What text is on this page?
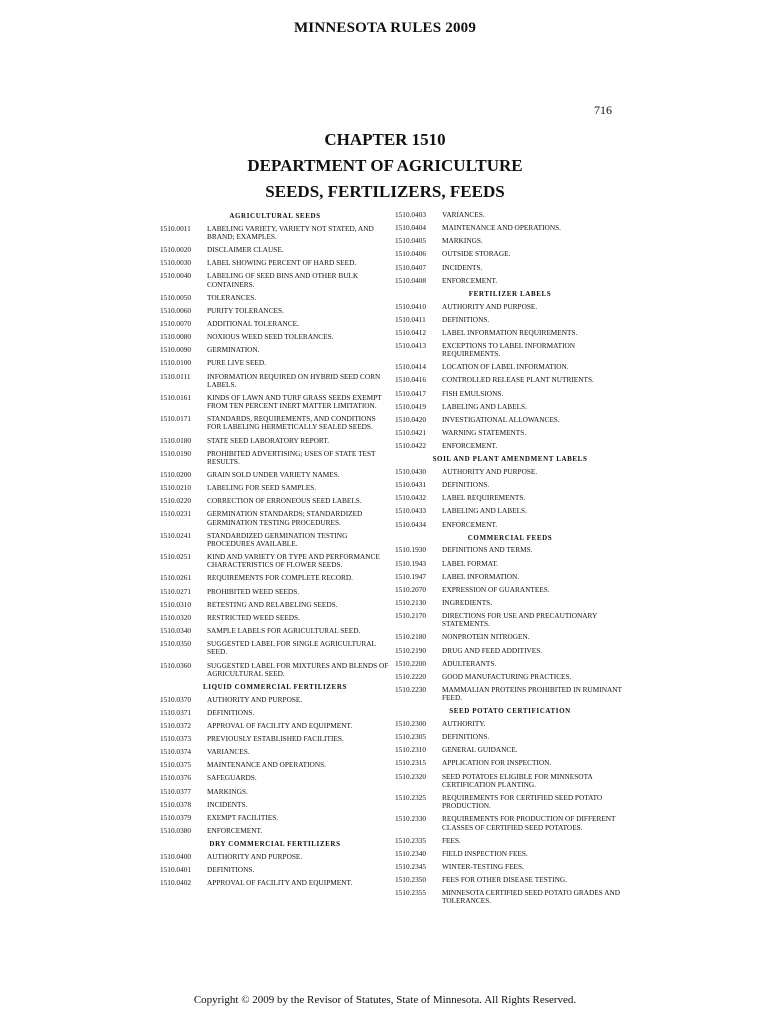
MINNESOTA RULES 2009
716
CHAPTER 1510
DEPARTMENT OF AGRICULTURE
SEEDS, FERTILIZERS, FEEDS
AGRICULTURAL SEEDS
1510.0011	LABELING VARIETY, VARIETY NOT STATED, AND BRAND; EXAMPLES.
1510.0020	DISCLAIMER CLAUSE.
1510.0030	LABEL SHOWING PERCENT OF HARD SEED.
1510.0040	LABELING OF SEED BINS AND OTHER BULK CONTAINERS.
1510.0050	TOLERANCES.
1510.0060	PURITY TOLERANCES.
1510.0070	ADDITIONAL TOLERANCE.
1510.0080	NOXIOUS WEED SEED TOLERANCES.
1510.0090	GERMINATION.
1510.0100	PURE LIVE SEED.
1510.0111	INFORMATION REQUIRED ON HYBRID SEED CORN LABELS.
1510.0161	KINDS OF LAWN AND TURF GRASS SEEDS EXEMPT FROM TEN PERCENT INERT MATTER LIMITATION.
1510.0171	STANDARDS, REQUIREMENTS, AND CONDITIONS FOR LABELING HERMETICALLY SEALED SEEDS.
1510.0180	STATE SEED LABORATORY REPORT.
1510.0190	PROHIBITED ADVERTISING; USES OF STATE TEST RESULTS.
1510.0200	GRAIN SOLD UNDER VARIETY NAMES.
1510.0210	LABELING FOR SEED SAMPLES.
1510.0220	CORRECTION OF ERRONEOUS SEED LABELS.
1510.0231	GERMINATION STANDARDS; STANDARDIZED GERMINATION TESTING PROCEDURES.
1510.0241	STANDARDIZED GERMINATION TESTING PROCEDURES AVAILABLE.
1510.0251	KIND AND VARIETY OR TYPE AND PERFORMANCE CHARACTERISTICS OF FLOWER SEEDS.
1510.0261	REQUIREMENTS FOR COMPLETE RECORD.
1510.0271	PROHIBITED WEED SEEDS.
1510.0310	RETESTING AND RELABELING SEEDS.
1510.0320	RESTRICTED WEED SEEDS.
1510.0340	SAMPLE LABELS FOR AGRICULTURAL SEED.
1510.0350	SUGGESTED LABEL FOR SINGLE AGRICULTURAL SEED.
1510.0360	SUGGESTED LABEL FOR MIXTURES AND BLENDS OF AGRICULTURAL SEED.
LIQUID COMMERCIAL FERTILIZERS
1510.0370	AUTHORITY AND PURPOSE.
1510.0371	DEFINITIONS.
1510.0372	APPROVAL OF FACILITY AND EQUIPMENT.
1510.0373	PREVIOUSLY ESTABLISHED FACILITIES.
1510.0374	VARIANCES.
1510.0375	MAINTENANCE AND OPERATIONS.
1510.0376	SAFEGUARDS.
1510.0377	MARKINGS.
1510.0378	INCIDENTS.
1510.0379	EXEMPT FACILITIES.
1510.0380	ENFORCEMENT.
DRY COMMERCIAL FERTILIZERS
1510.0400	AUTHORITY AND PURPOSE.
1510.0401	DEFINITIONS.
1510.0402	APPROVAL OF FACILITY AND EQUIPMENT.
1510.0403	VARIANCES.
1510.0404	MAINTENANCE AND OPERATIONS.
1510.0405	MARKINGS.
1510.0406	OUTSIDE STORAGE.
1510.0407	INCIDENTS.
1510.0408	ENFORCEMENT.
FERTILIZER LABELS
1510.0410	AUTHORITY AND PURPOSE.
1510.0411	DEFINITIONS.
1510.0412	LABEL INFORMATION REQUIREMENTS.
1510.0413	EXCEPTIONS TO LABEL INFORMATION REQUIREMENTS.
1510.0414	LOCATION OF LABEL INFORMATION.
1510.0416	CONTROLLED RELEASE PLANT NUTRIENTS.
1510.0417	FISH EMULSIONS.
1510.0419	LABELING AND LABELS.
1510.0420	INVESTIGATIONAL ALLOWANCES.
1510.0421	WARNING STATEMENTS.
1510.0422	ENFORCEMENT.
SOIL AND PLANT AMENDMENT LABELS
1510.0430	AUTHORITY AND PURPOSE.
1510.0431	DEFINITIONS.
1510.0432	LABEL REQUIREMENTS.
1510.0433	LABELING AND LABELS.
1510.0434	ENFORCEMENT.
COMMERCIAL FEEDS
1510.1930	DEFINITIONS AND TERMS.
1510.1943	LABEL FORMAT.
1510.1947	LABEL INFORMATION.
1510.2070	EXPRESSION OF GUARANTEES.
1510.2130	INGREDIENTS.
1510.2170	DIRECTIONS FOR USE AND PRECAUTIONARY STATEMENTS.
1510.2180	NONPROTEIN NITROGEN.
1510.2190	DRUG AND FEED ADDITIVES.
1510.2200	ADULTERANTS.
1510.2220	GOOD MANUFACTURING PRACTICES.
1510.2230	MAMMALIAN PROTEINS PROHIBITED IN RUMINANT FEED.
SEED POTATO CERTIFICATION
1510.2300	AUTHORITY.
1510.2305	DEFINITIONS.
1510.2310	GENERAL GUIDANCE.
1510.2315	APPLICATION FOR INSPECTION.
1510.2320	SEED POTATOES ELIGIBLE FOR MINNESOTA CERTIFICATION PLANTING.
1510.2325	REQUIREMENTS FOR CERTIFIED SEED POTATO PRODUCTION.
1510.2330	REQUIREMENTS FOR PRODUCTION OF DIFFERENT CLASSES OF CERTIFIED SEED POTATOES.
1510.2335	FEES.
1510.2340	FIELD INSPECTION FEES.
1510.2345	WINTER-TESTING FEES.
1510.2350	FEES FOR OTHER DISEASE TESTING.
1510.2355	MINNESOTA CERTIFIED SEED POTATO GRADES AND TOLERANCES.
Copyright © 2009 by the Revisor of Statutes, State of Minnesota. All Rights Reserved.
